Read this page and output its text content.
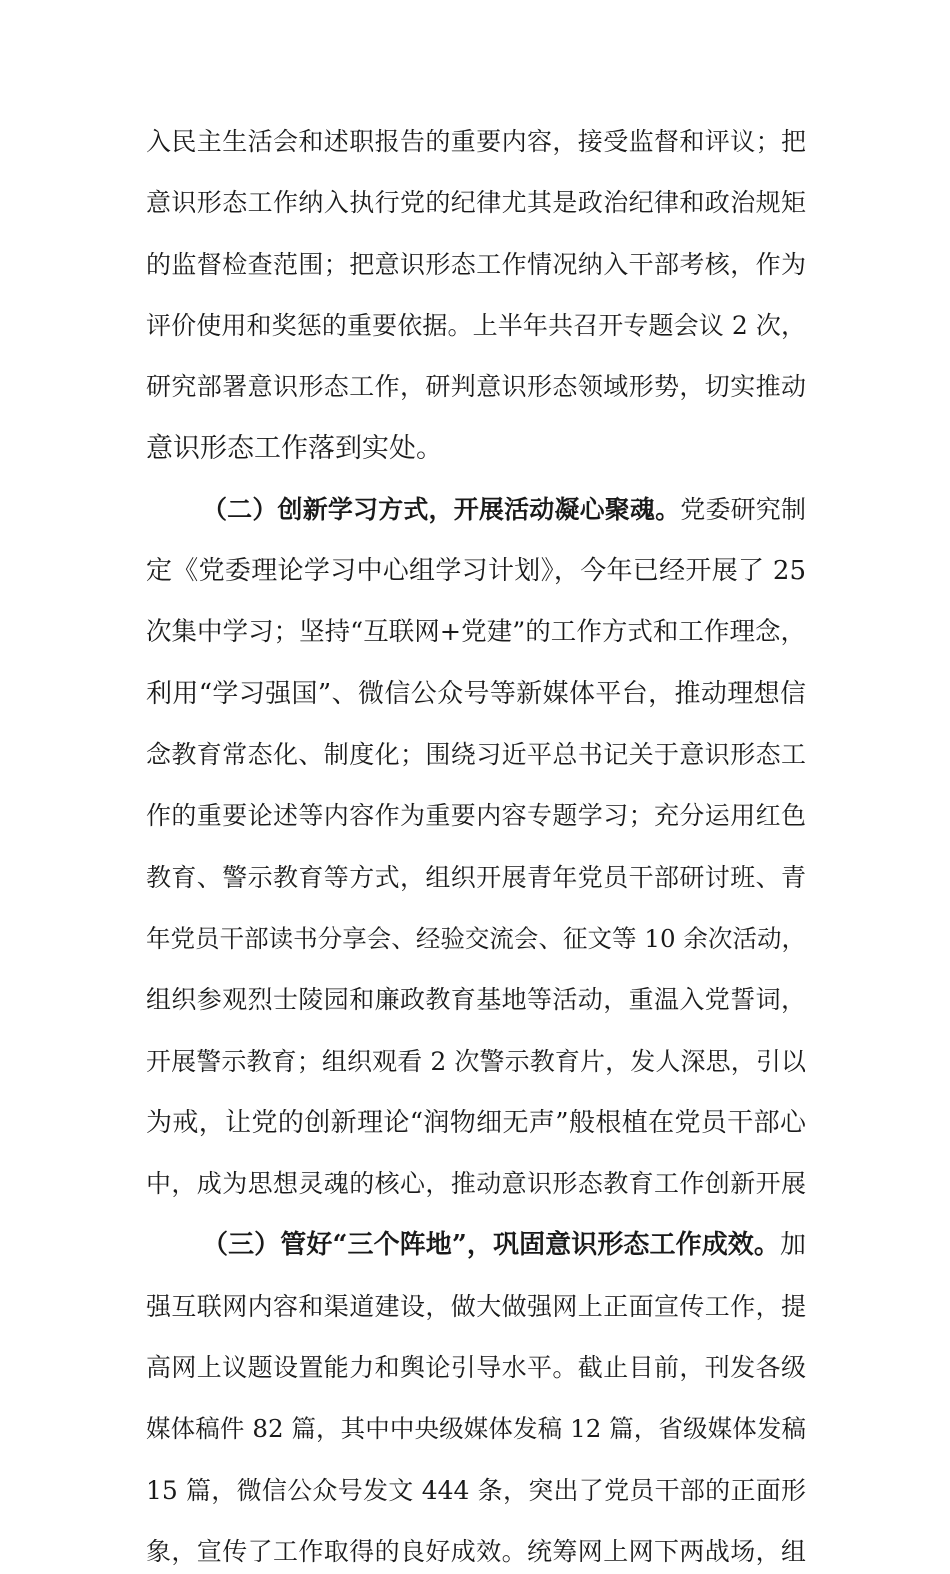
入民主生活会和述职报告的重要内容，接受监督和评议；把
意识形态工作纳入执行党的纪律尤其是政治纪律和政治规矩
的监督检查范围；把意识形态工作情况纳入干部考核，作为
评价使用和奖惩的重要依据。上半年共召开专题会议 2 次，
研究部署意识形态工作，研判意识形态领域形势，切实推动
意识形态工作落到实处。
（二）创新学习方式，开展活动凝心聚魂。党委研究制
定《党委理论学习中心组学习计划》，今年已经开展了 25
次集中学习；坚持“互联网+党建”的工作方式和工作理念，
利用“学习强国”、微信公众号等新媒体平台，推动理想信
念教育常态化、制度化；围绕习近平总书记关于意识形态工
作的重要论述等内容作为重要内容专题学习；充分运用红色
教育、警示教育等方式，组织开展青年党员干部研讨班、青
年党员干部读书分享会、经验交流会、征文等 10 余次活动，
组织参观烈士陵园和廉政教育基地等活动，重温入党誓词，
开展警示教育；组织观看 2 次警示教育片，发人深思，引以
为戒，让党的创新理论“润物细无声”般根植在党员干部心
中，成为思想灵魂的核心，推动意识形态教育工作创新开展
（三）管好“三个阵地”，巩固意识形态工作成效。加
强互联网内容和渠道建设，做大做强网上正面宣传工作，提
高网上议题设置能力和舆论引导水平。截止目前，刊发各级
媒体稿件 82 篇，其中中央级媒体发稿 12 篇，省级媒体发稿
15 篇，微信公众号发文 444 条，突出了党员干部的正面形
象，宣传了工作取得的良好成效。统筹网上网下两战场，组
